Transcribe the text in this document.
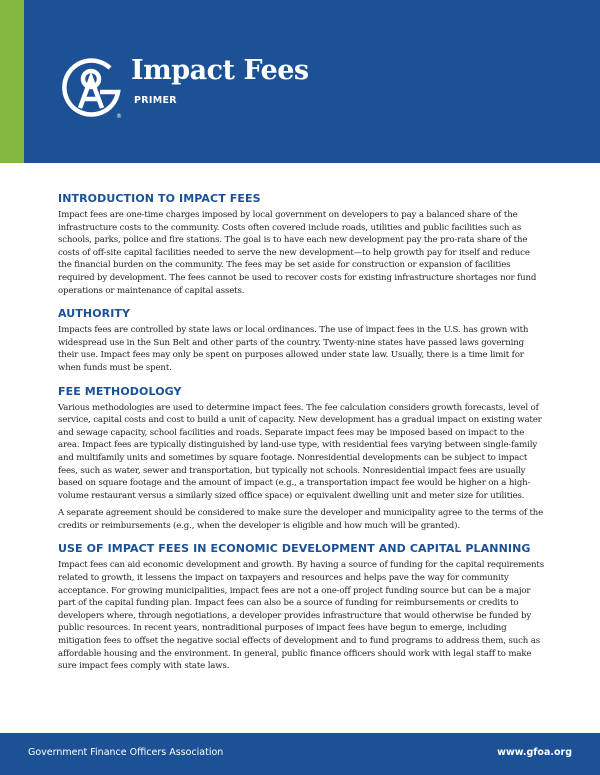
®
Impact Fees
PRIMER
INTRODUCTION TO IMPACT FEES

Impact fees are one-time charges imposed by local government on developers to pay a balanced share of the infrastructure costs to the community. Costs often covered include roads, utilities and public facilities such as schools, parks, police and fire stations. The goal is to have each new development pay the pro-rata share of the costs of off-site capital facilities needed to serve the new development—to help growth pay for itself and reduce the financial burden on the community. The fees may be set aside for construction or expansion of facilities required by development. The fees cannot be used to recover costs for existing infrastructure shortages nor fund operations or maintenance of capital assets.

AUTHORITY

Impacts fees are controlled by state laws or local ordinances. The use of impact fees in the U.S. has grown with widespread use in the Sun Belt and other parts of the country. Twenty-nine states have passed laws governing their use. Impact fees may only be spent on purposes allowed under state law. Usually, there is a time limit for when funds must be spent.

FEE METHODOLOGY

Various methodologies are used to determine impact fees. The fee calculation considers growth forecasts, level of service, capital costs and cost to build a unit of capacity. New development has a gradual impact on existing water and sewage capacity, school facilities and roads. Separate impact fees may be imposed based on impact to the area. Impact fees are typically distinguished by land-use type, with residential fees varying between single-family and multifamily units and sometimes by square footage. Nonresidential developments can be subject to impact fees, such as water, sewer and transportation, but typically not schools. Nonresidential impact fees are usually based on square footage and the amount of impact (e.g., a transportation impact fee would be higher on a high-volume restaurant versus a similarly sized office space) or equivalent dwelling unit and meter size for utilities.

A separate agreement should be considered to make sure the developer and municipality agree to the terms of the credits or reimbursements (e.g., when the developer is eligible and how much will be granted).

USE OF IMPACT FEES IN ECONOMIC DEVELOPMENT AND CAPITAL PLANNING

Impact fees can aid economic development and growth. By having a source of funding for the capital requirements related to growth, it lessens the impact on taxpayers and resources and helps pave the way for community acceptance. For growing municipalities, impact fees are not a one-off project funding source but can be a major part of the capital funding plan. Impact fees can also be a source of funding for reimbursements or credits to developers where, through negotiations, a developer provides infrastructure that would otherwise be funded by public resources. In recent years, nontraditional purposes of impact fees have begun to emerge, including mitigation fees to offset the negative social effects of development and to fund programs to address them, such as affordable housing and the environment. In general, public finance officers should work with legal staff to make sure impact fees comply with state laws.

Government Finance Officers Association	www.gfoa.org
